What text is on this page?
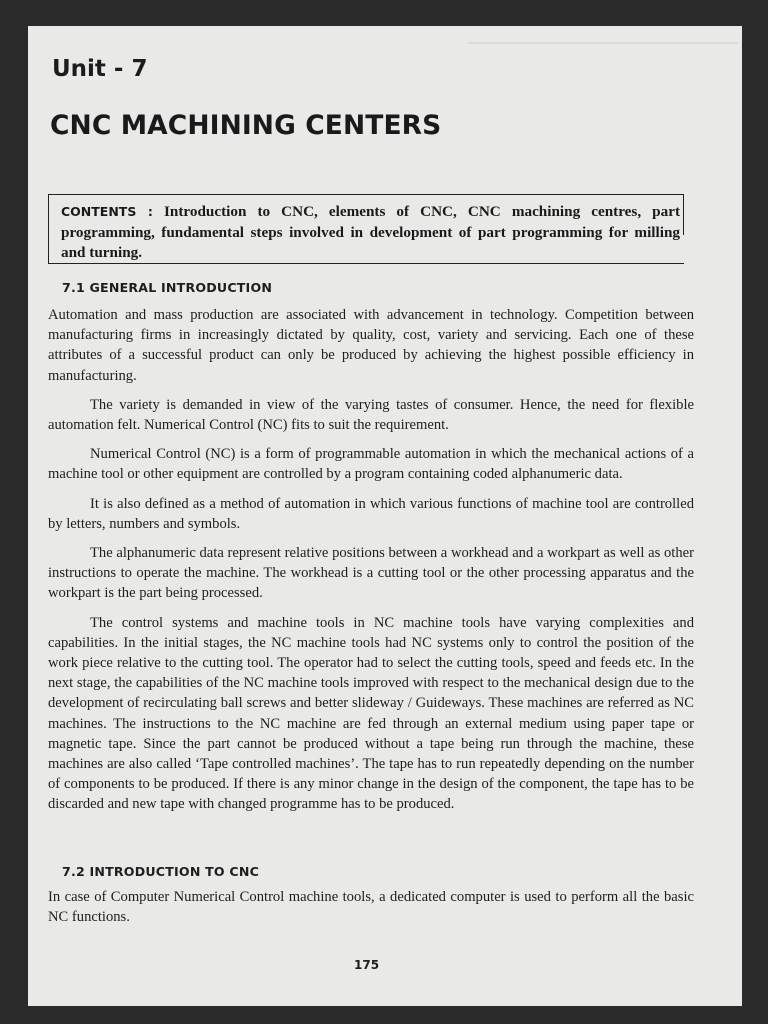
Unit - 7
CNC MACHINING CENTERS
CONTENTS : Introduction to CNC, elements of CNC, CNC machining centres, part programming, fundamental steps involved in development of part programming for milling and turning.
7.1 GENERAL INTRODUCTION

Automation and mass production are associated with advancement in technology. Competition between manufacturing firms in increasingly dictated by quality, cost, variety and servicing. Each one of these attributes of a successful product can only be produced by achieving the highest possible efficiency in manufacturing.

The variety is demanded in view of the varying tastes of consumer. Hence, the need for flexible automation felt. Numerical Control (NC) fits to suit the requirement.

Numerical Control (NC) is a form of programmable automation in which the mechanical actions of a machine tool or other equipment are controlled by a program containing coded alphanumeric data.

It is also defined as a method of automation in which various functions of machine tool are controlled by letters, numbers and symbols.

The alphanumeric data represent relative positions between a workhead and a workpart as well as other instructions to operate the machine. The workhead is a cutting tool or the other processing apparatus and the workpart is the part being processed.

The control systems and machine tools in NC machine tools have varying complexities and capabilities. In the initial stages, the NC machine tools had NC systems only to control the position of the work piece relative to the cutting tool. The operator had to select the cutting tools, speed and feeds etc. In the next stage, the capabilities of the NC machine tools improved with respect to the mechanical design due to the development of recirculating ball screws and better slideway / Guideways. These machines are referred as NC machines. The instructions to the NC machine are fed through an external medium using paper tape or magnetic tape. Since the part cannot be produced without a tape being run through the machine, these machines are also called ‘Tape controlled machines’. The tape has to run repeatedly depending on the number of components to be produced. If there is any minor change in the design of the component, the tape has to be discarded and new tape with changed programme has to be produced.

7.2 INTRODUCTION TO CNC

In case of Computer Numerical Control machine tools, a dedicated computer is used to perform all the basic NC functions.

175
